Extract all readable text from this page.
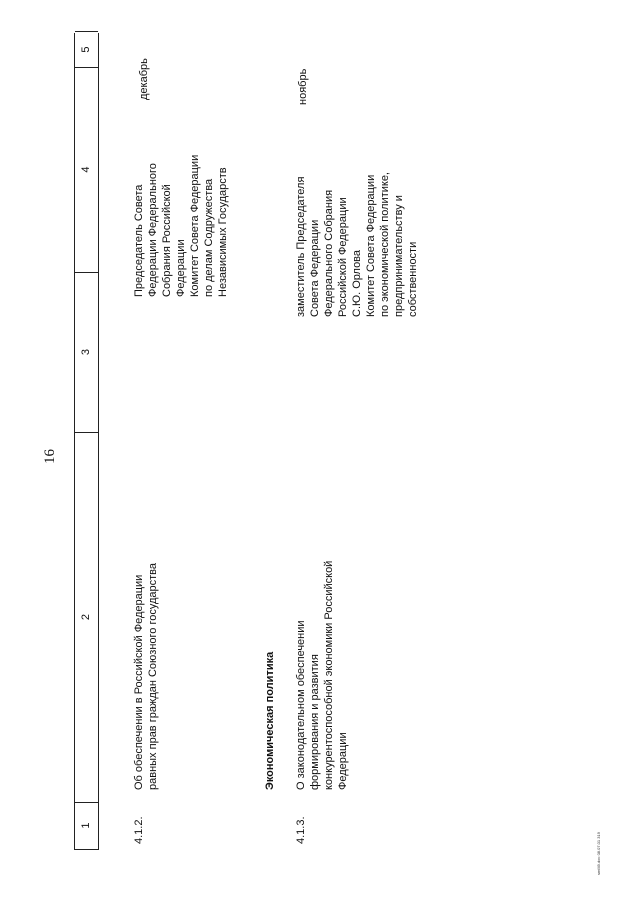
16
1
2
3
4
5
4.1.2.
Об обеспечении в Российской Федерации
равных прав граждан Союзного государства
Председатель Совета
Федерации Федерального
Собрания Российской
Федерации
Комитет Совета Федерации
по делам Содружества
Независимых Государств
декабрь
Экономическая политика
4.1.3.
О законодательном обеспечении
формирования и развития
конкурентоспособной экономики Российской
Федерации
заместитель Председателя
Совета Федерации
Федерального Собрания
Российской Федерации
С.Ю. Орлова
Комитет Совета Федерации
по экономической политике,
предпринимательству и
собственности
ноябрь
smf49.doc 08.07.01 319
